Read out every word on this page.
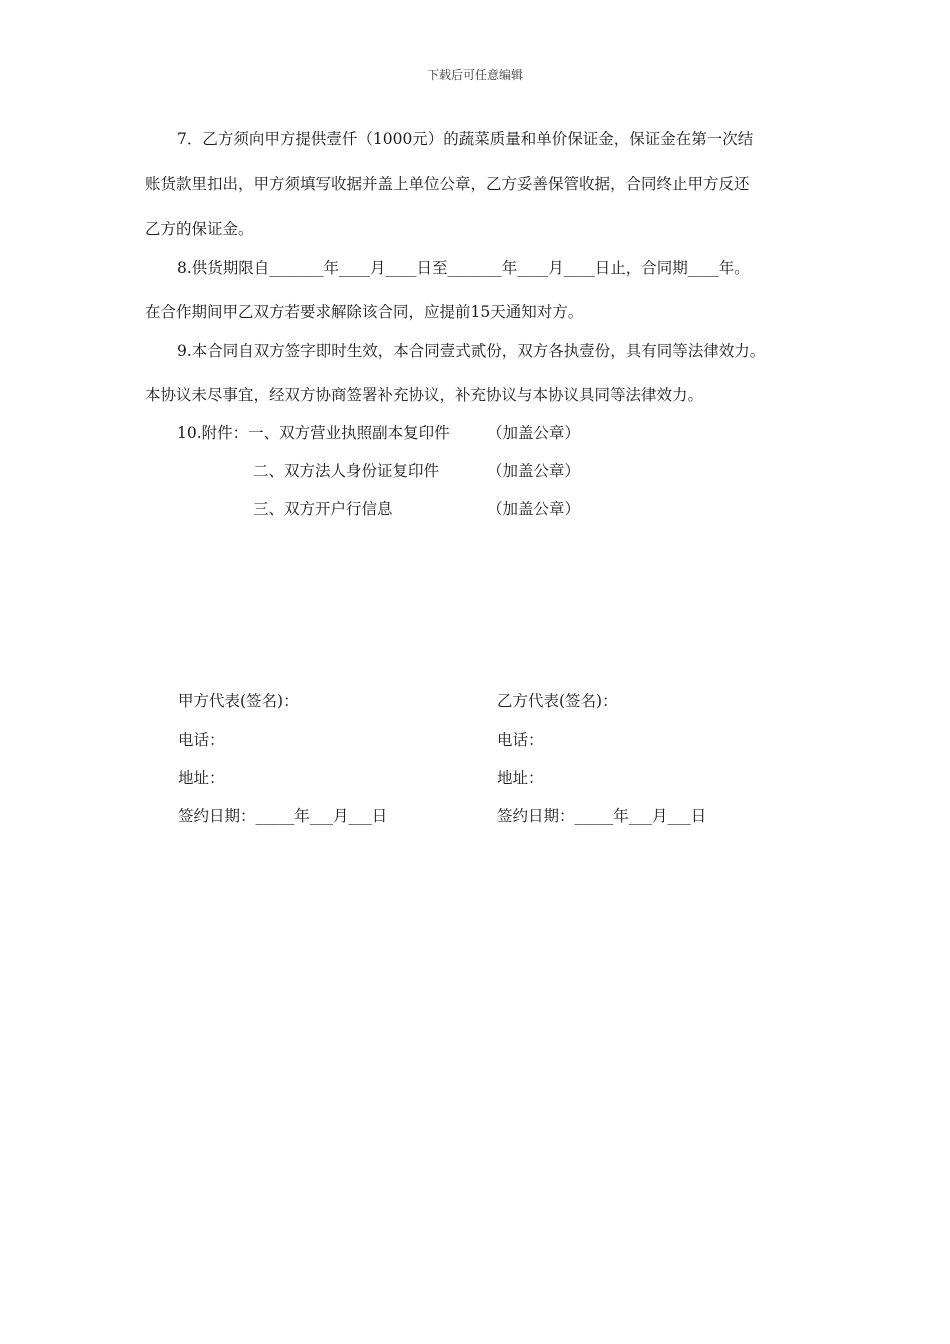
下载后可任意编辑
7．乙方须向甲方提供壹仟（1000元）的蔬菜质量和单价保证金，保证金在第一次结
账货款里扣出，甲方须填写收据并盖上单位公章，乙方妥善保管收据，合同终止甲方反还
乙方的保证金。
8.供货期限自_______年____月____日至_______年____月____日止，合同期____年。
在合作期间甲乙双方若要求解除该合同，应提前15天通知对方。
9.本合同自双方签字即时生效，本合同壹式贰份，双方各执壹份，具有同等法律效力。
本协议未尽事宜，经双方协商签署补充协议，补充协议与本协议具同等法律效力。
10.附件：一、双方营业执照副本复印件 （加盖公章）
二、双方法人身份证复印件	（加盖公章）
三、双方开户行信息	（加盖公章）
甲方代表(签名)：
电话：
地址：
签约日期：_____年___月___日
乙方代表(签名)：
电话：
地址：
签约日期：_____年___月___日
